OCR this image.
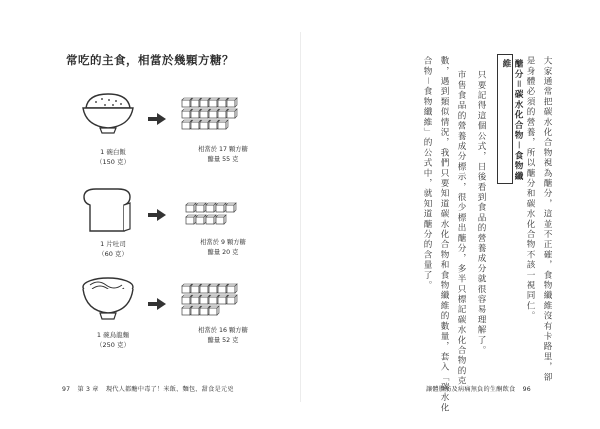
常吃的主食，相當於幾顆方糖？
1 碗白飯
（150 克）
相當於 17 顆方糖
醣量 55 克
1 片吐司
（60 克）
相當於 9 顆方糖
醣量 20 克
1 碗烏龍麵
（250 克）
相當於 16 顆方糖
醣量 52 克
97 第 3 章 現代人都醣中毒了！米飯、麵包、甜食是元兇
大家通常把碳水化合物視為醣分，這並不正確，食物纖維沒有卡路里，卻
是身體必須的營養，所以醣分和碳水化合物不該一視同仁。
醣分＝碳水化合物－食物纖維
只要記得這個公式，日後看到食品的營養成分就很容易理解了。
市售食品的營養成分標示，很少標出醣分，多半只標記碳水化合物的克
數，遇到類似情況，我們只要知道碳水化合物和食物纖維的數量，套入「碳水化
合物－食物纖維」的公式中，就知道醣分的含量了。
讓體脂肪及病痛無負的生酮飲食 96
